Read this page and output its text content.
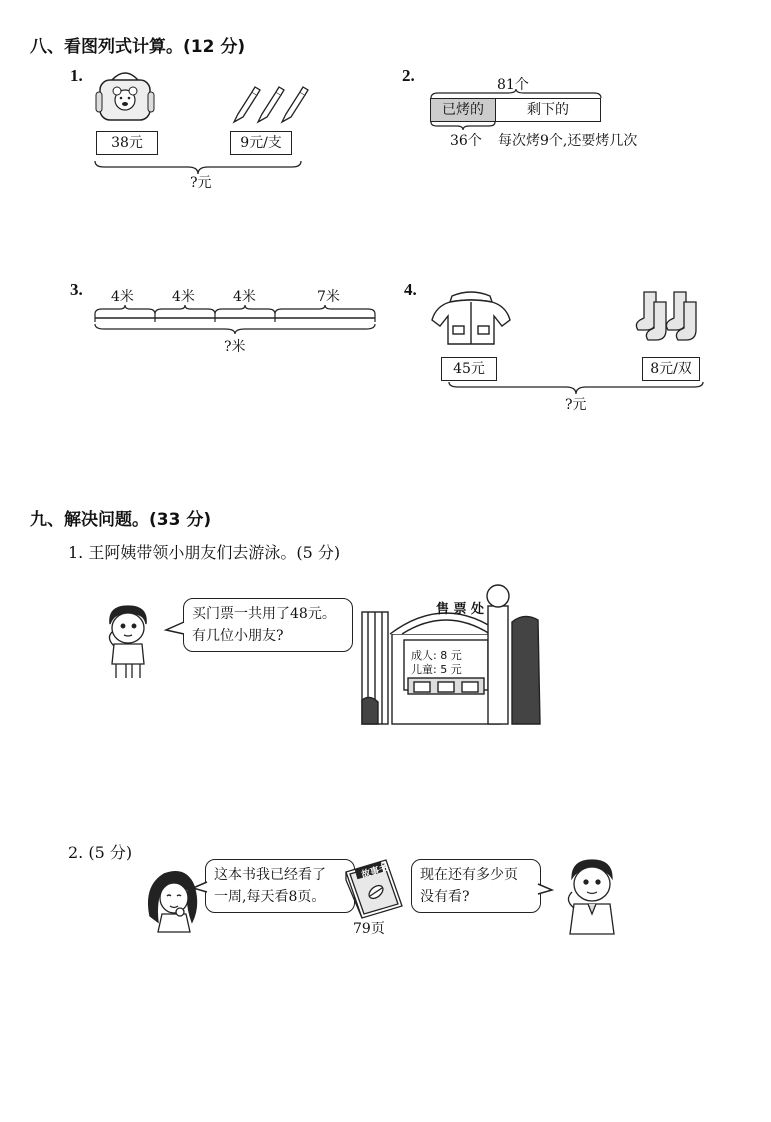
八、看图列式计算。(12 分)
1.
38元	9元/支
?元
2.	81个
已烤的	剩下的
36个 每次烤9个,还要烤几次
3. 4米	4米	4米	7米
?米
4.
45元	8元/双
?元
九、解决问题。(33 分)
1. 王阿姨带领小朋友们去游泳。(5 分)
买门票一共用了48元。
有几位小朋友?
售 票 处
成人: 8 元
儿童: 5 元
2. (5 分)
这本书我已经看了
一周,每天看8页。
故事书
79页
现在还有多少页
没有看?
